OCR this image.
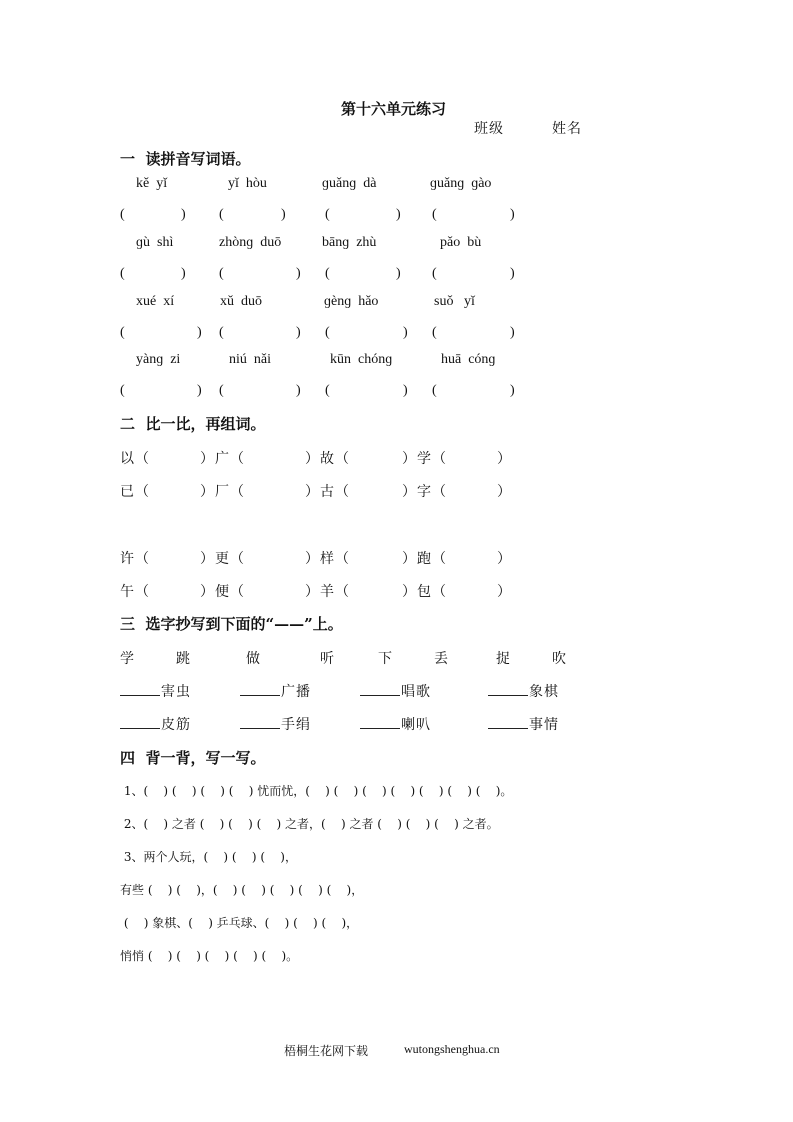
第十六单元练习
班级	姓名
一  读拼音写词语。
kě  yǐ	yǐ  hòu	ɡuǎnɡ  dà	ɡuǎnɡ  ɡào
(	) (	)	(	) (	)
ɡù  shì	zhònɡ  duō	bānɡ  zhù	pǎo  bù
(	) (	) (	) (	)
xué  xí	xǔ  duō	ɡènɡ  hǎo	suǒ   yǐ
(	) (	) (	) (	)
yànɡ  zi	niú  nǎi	kūn  chónɡ	huā  cónɡ
(	) (	) (	) (	)
二  比一比，再组词。
以（	）广（	）故（	）学（	）
已（	）厂（	）古（	）字（	）
许（	）更（	）样（	）跑（	）
午（	）便（	）羊（	）包（	）
三  选字抄写到下面的“——”上。
学	跳	做	听	下	丢	捉	吹
害虫	广播	唱歌	象棋
皮筋	手绢	喇叭	事情
四  背一背，写一写。
1、(    ) (    ) (    ) (    ) 忧而忧，(    ) (    ) (    ) (    ) (    ) (    ) (    )。
2、(    ) 之者 (    ) (    ) (    ) 之者，(    ) 之者 (    ) (    ) (    ) 之者。
3、两个人玩，(    ) (    ) (    )，
有些 (    ) (    )，(    ) (    ) (    ) (    ) (    )，
(    ) 象棋、(    ) 乒乓球、(    ) (    ) (    )，
悄悄 (    ) (    ) (    ) (    ) (    )。
梧桐生花网下载	wutongshenghua.cn
